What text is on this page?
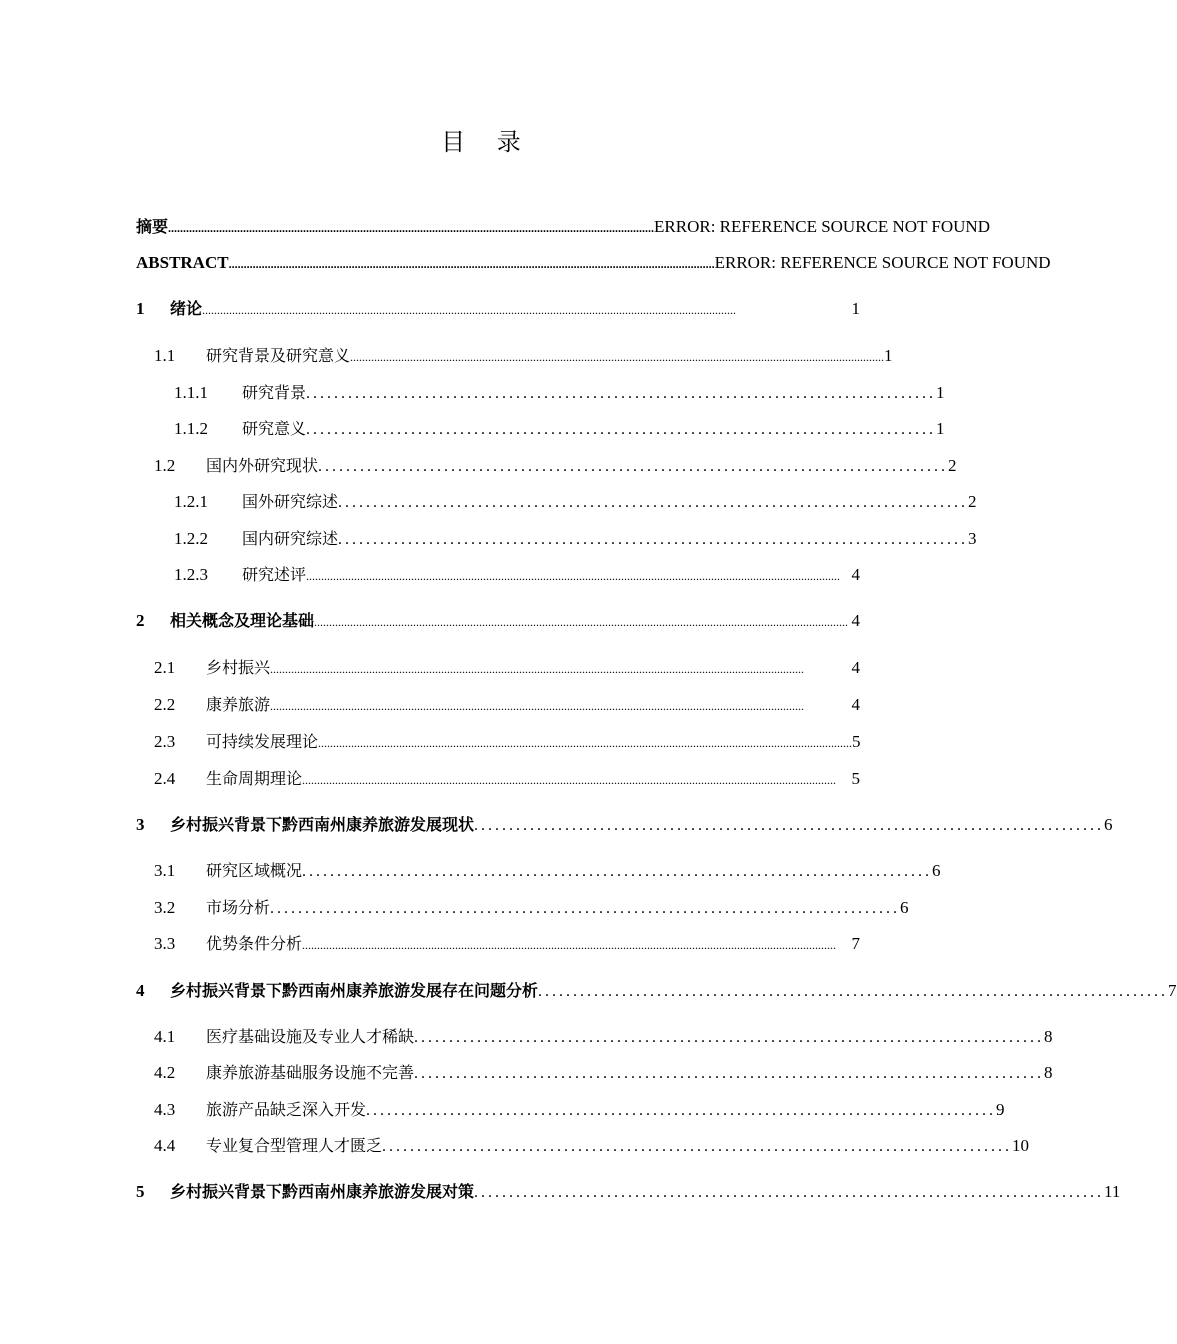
目 录
摘要 .................................................................................................................................................................. ERROR: REFERENCE SOURCE NOT FOUND
ABSTRACT .................................................................................................................................................................. ERROR: REFERENCE SOURCE NOT FOUND
1	绪论 ..................................................................................................................................................................................	1
1.1	研究背景及研究意义 .................................................................................................................................................................................. 1
1.1.1	研究背景 .......................................................................................... 1
1.1.2	研究意义 .......................................................................................... 1
1.2	国内外研究现状 .......................................................................................... 2
1.2.1	国外研究综述 .......................................................................................... 2
1.2.2	国内研究综述 .......................................................................................... 3
1.2.3	研究述评 .................................................................................................................................................................................. 4
2	相关概念及理论基础 .................................................................................................................................................................................. 4
2.1	乡村振兴 ..................................................................................................................................................................................	4
2.2	康养旅游 ..................................................................................................................................................................................	4
2.3	可持续发展理论 .................................................................................................................................................................................. 5
2.4	生命周期理论 .................................................................................................................................................................................. 5
3	乡村振兴背景下黔西南州康养旅游发展现状 .......................................................................................... 6
3.1	研究区域概况 .......................................................................................... 6
3.2	市场分析 .......................................................................................... 6
3.3	优势条件分析 .................................................................................................................................................................................. 7
4	乡村振兴背景下黔西南州康养旅游发展存在问题分析 .......................................................................................... 7
4.1	医疗基础设施及专业人才稀缺 .......................................................................................... 8
4.2	康养旅游基础服务设施不完善 .......................................................................................... 8
4.3	旅游产品缺乏深入开发 .......................................................................................... 9
4.4	专业复合型管理人才匮乏 .......................................................................................... 10
5	乡村振兴背景下黔西南州康养旅游发展对策 .......................................................................................... 11
